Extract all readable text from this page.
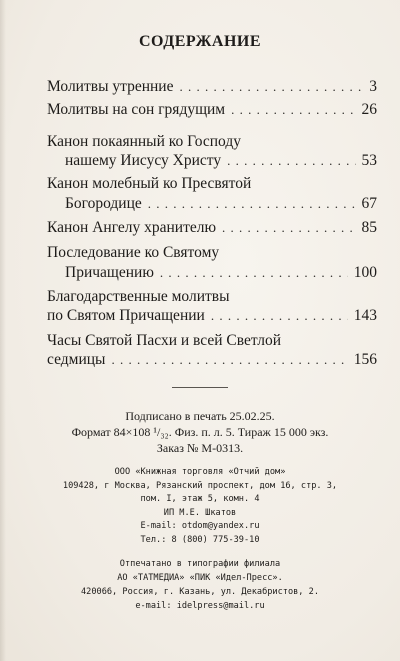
СОДЕРЖАНИЕ
Молитвы утренние . . .	3
Молитвы на сон грядущим . . .	26
Канон покаянный ко Господу
нашему Иисусу Христу . . .	53
Канон молебный ко Пресвятой
Богородице . . .	67
Канон Ангелу хранителю . . .	85
Последование ко Святому
Причащению . . .	100
Благодарственные молитвы
по Святом Причащении . . .	143
Часы Святой Пасхи и всей Светлой
седмицы . . .	156
Подписано в печать 25.02.25.
Формат 84×108 ¹/₃₂. Физ. п. л. 5. Тираж 15 000 экз.
Заказ № М-0313.
ООО «Книжная торговля «Отчий дом»
109428, г Москва, Рязанский проспект, дом 16, стр. 3,
пом. I, этаж 5, комн. 4
ИП М.Е. Шкатов
E-mail: otdom@yandex.ru
Тел.: 8 (800) 775-39-10
Отпечатано в типографии филиала
АО «ТАТМЕДИА» «ПИК «Идел-Пресс».
420066, Россия, г. Казань, ул. Декабристов, 2.
e-mail: idelpress@mail.ru
